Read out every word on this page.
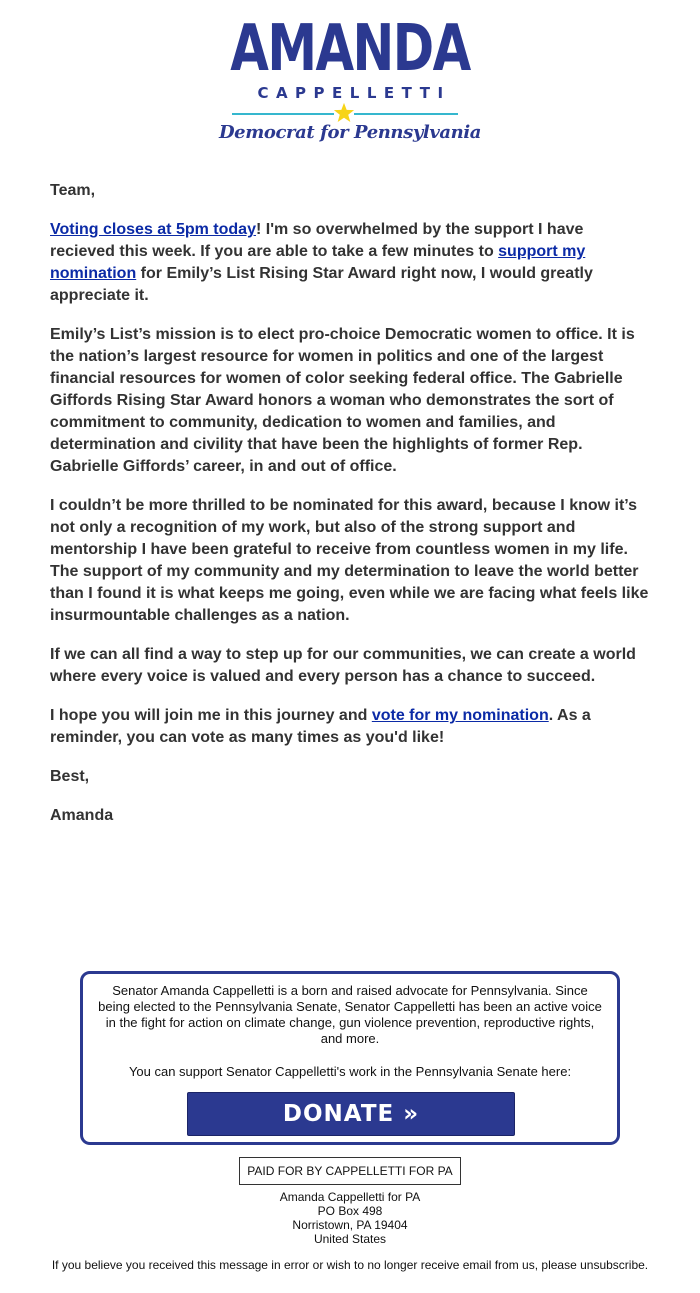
AMANDA
CAPPELLETTI
Democrat for Pennsylvania

Team,

Voting closes at 5pm today! I'm so overwhelmed by the support I have recieved this week. If you are able to take a few minutes to support my nomination for Emily’s List Rising Star Award right now, I would greatly appreciate it.

Emily’s List’s mission is to elect pro-choice Democratic women to office. It is the nation’s largest resource for women in politics and one of the largest financial resources for women of color seeking federal office. The Gabrielle Giffords Rising Star Award honors a woman who demonstrates the sort of commitment to community, dedication to women and families, and determination and civility that have been the highlights of former Rep. Gabrielle Giffords’ career, in and out of office.

I couldn’t be more thrilled to be nominated for this award, because I know it’s not only a recognition of my work, but also of the strong support and mentorship I have been grateful to receive from countless women in my life. The support of my community and my determination to leave the world better than I found it is what keeps me going, even while we are facing what feels like insurmountable challenges as a nation.

If we can all find a way to step up for our communities, we can create a world where every voice is valued and every person has a chance to succeed.

I hope you will join me in this journey and vote for my nomination. As a reminder, you can vote as many times as you'd like!

Best,

Amanda

Senator Amanda Cappelletti is a born and raised advocate for Pennsylvania. Since being elected to the Pennsylvania Senate, Senator Cappelletti has been an active voice in the fight for action on climate change, gun violence prevention, reproductive rights, and more.
You can support Senator Cappelletti's work in the Pennsylvania Senate here:
DONATE »
PAID FOR BY CAPPELLETTI FOR PA
Amanda Cappelletti for PA
PO Box 498
Norristown, PA 19404
United States
If you believe you received this message in error or wish to no longer receive email from us, please unsubscribe.
